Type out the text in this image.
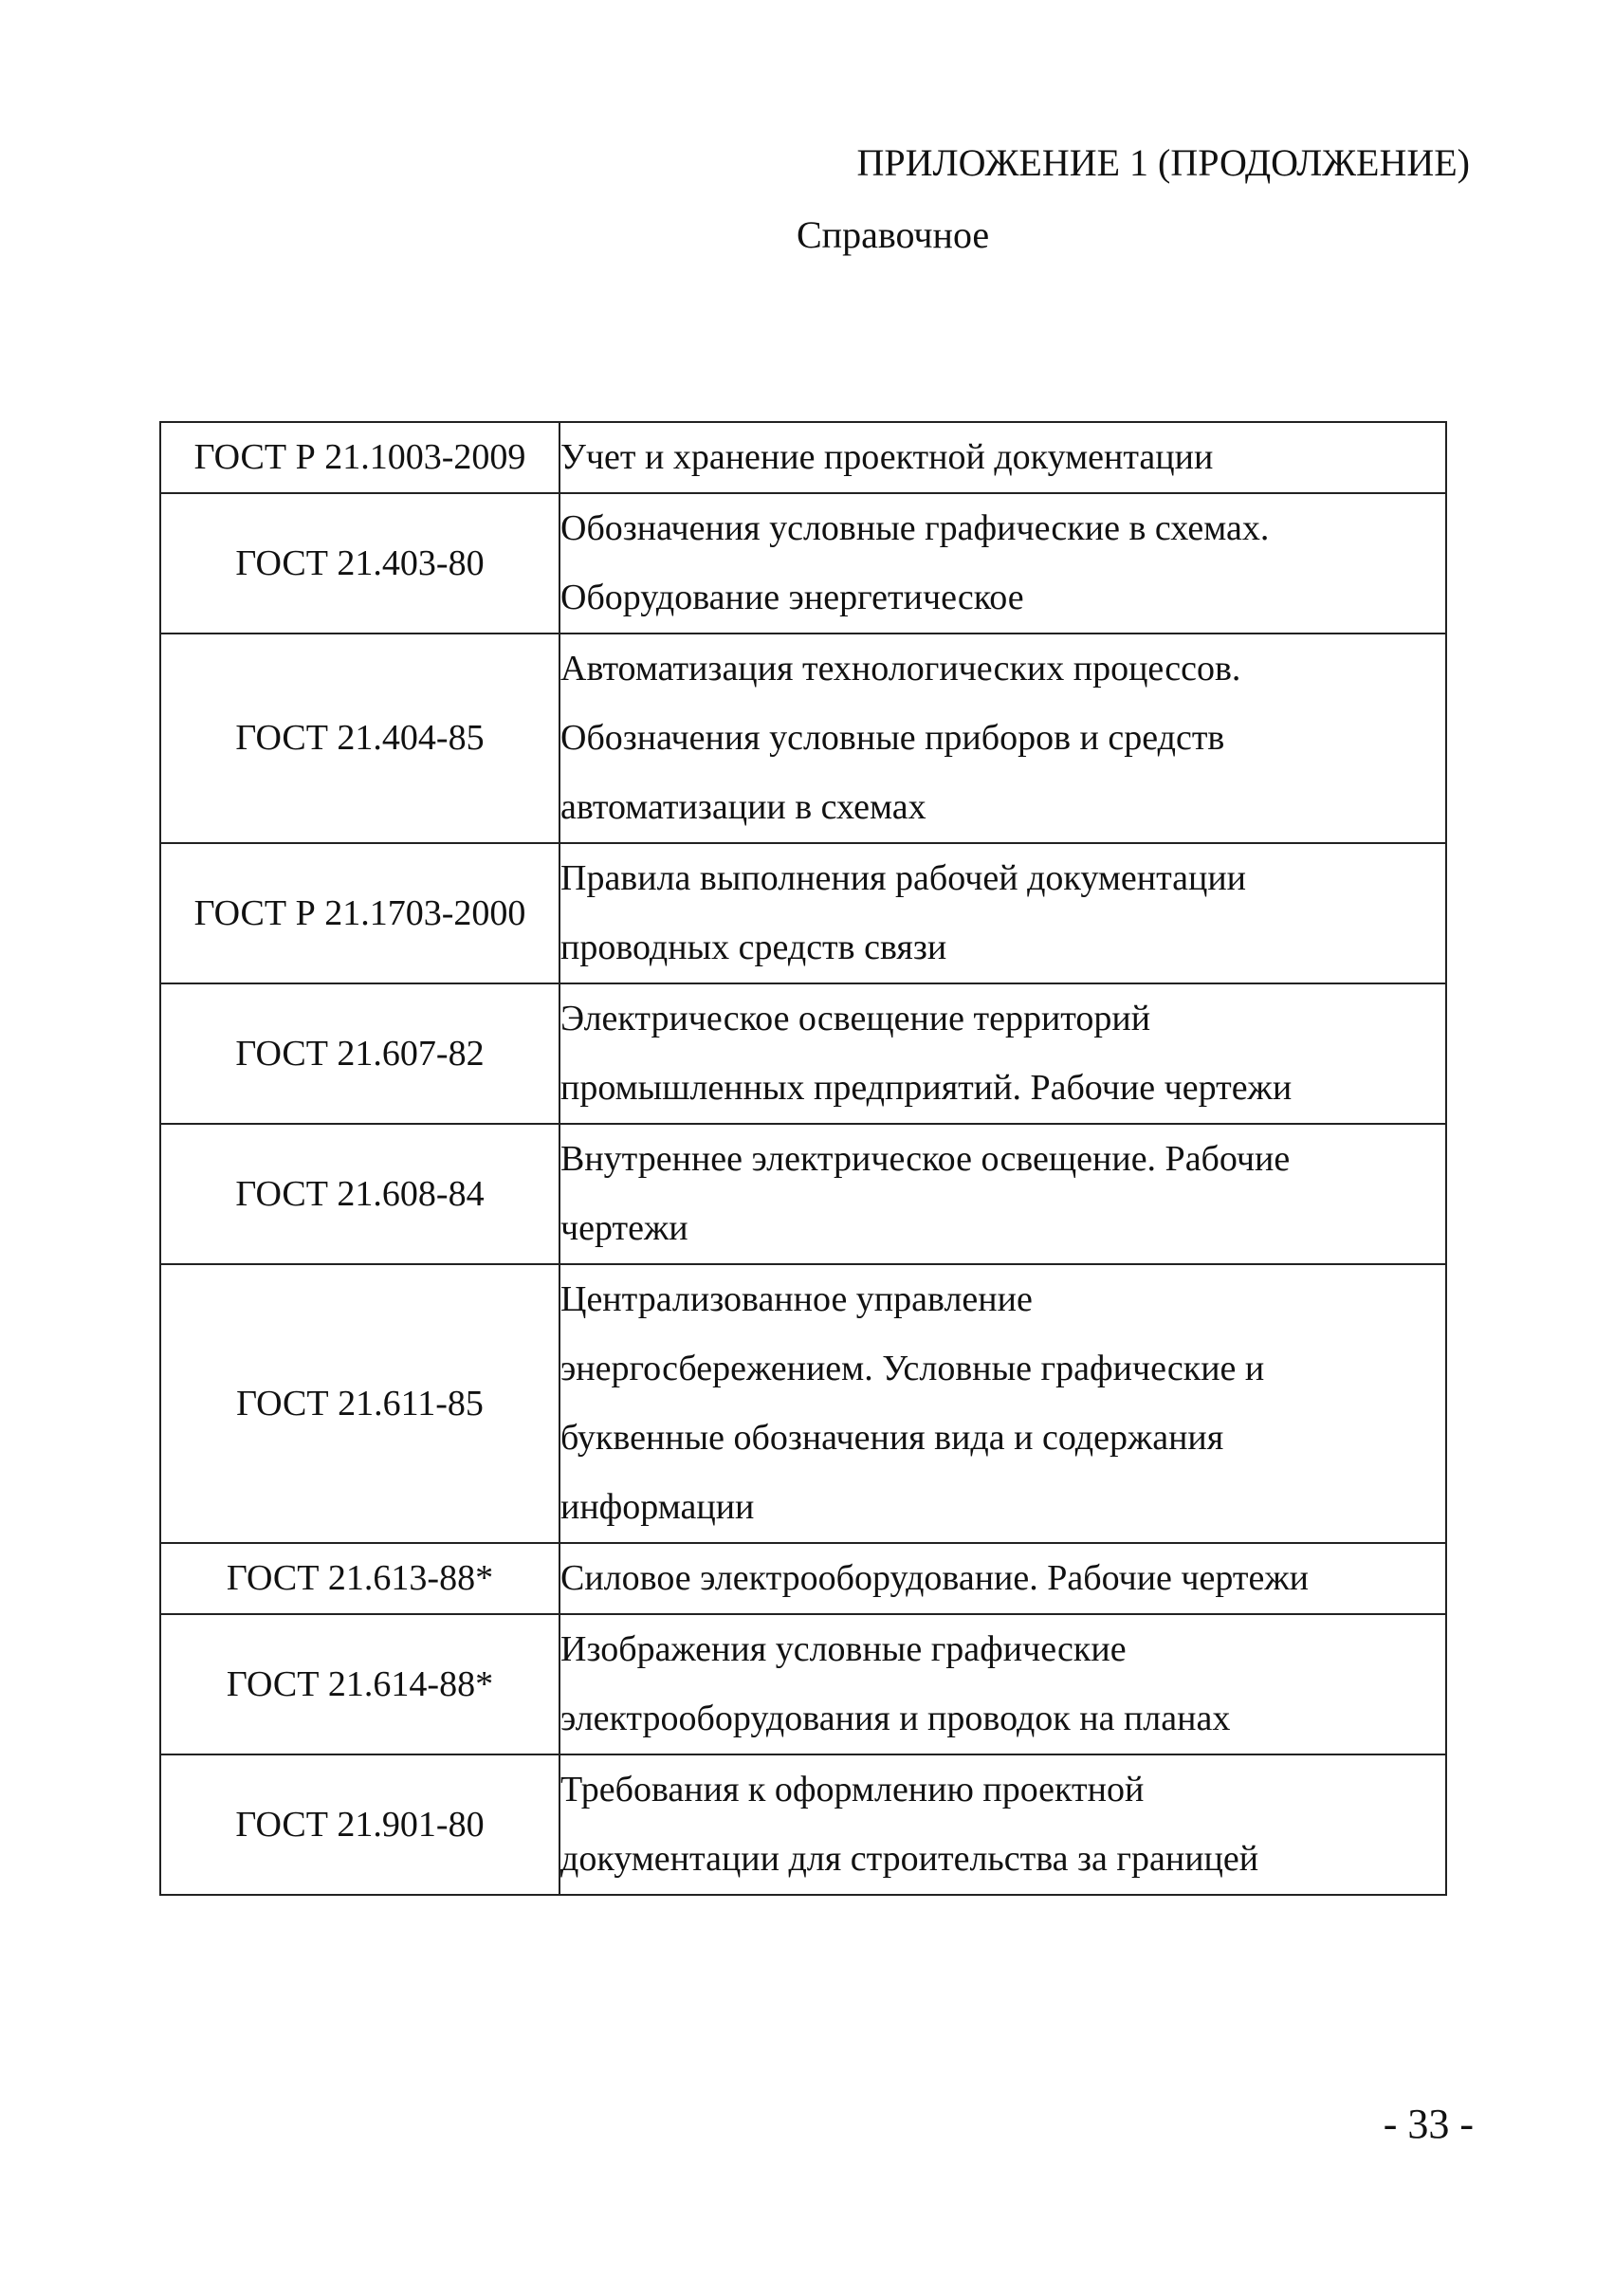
ПРИЛОЖЕНИЕ 1 (ПРОДОЛЖЕНИЕ)
Справочное
ГОСТ Р 21.1003-2009	Учет и хранение проектной документации

ГОСТ 21.403-80	Обозначения условные графические в схемах.
Оборудование энергетическое

ГОСТ 21.404-85	Автоматизация технологических процессов.
Обозначения условные приборов и средств
автоматизации в схемах

ГОСТ Р 21.1703-2000	Правила выполнения рабочей документации
проводных средств связи

ГОСТ 21.607-82	Электрическое освещение территорий
промышленных предприятий. Рабочие чертежи

ГОСТ 21.608-84	Внутреннее электрическое освещение. Рабочие
чертежи

ГОСТ 21.611-85	Централизованное управление
энергосбережением. Условные графические и
буквенные обозначения вида и содержания
информации

ГОСТ 21.613-88*	Силовое электрооборудование. Рабочие чертежи

ГОСТ 21.614-88*	Изображения условные графические
электрооборудования и проводок на планах

ГОСТ 21.901-80	Требования к оформлению проектной
документации для строительства за границей
- 33 -
